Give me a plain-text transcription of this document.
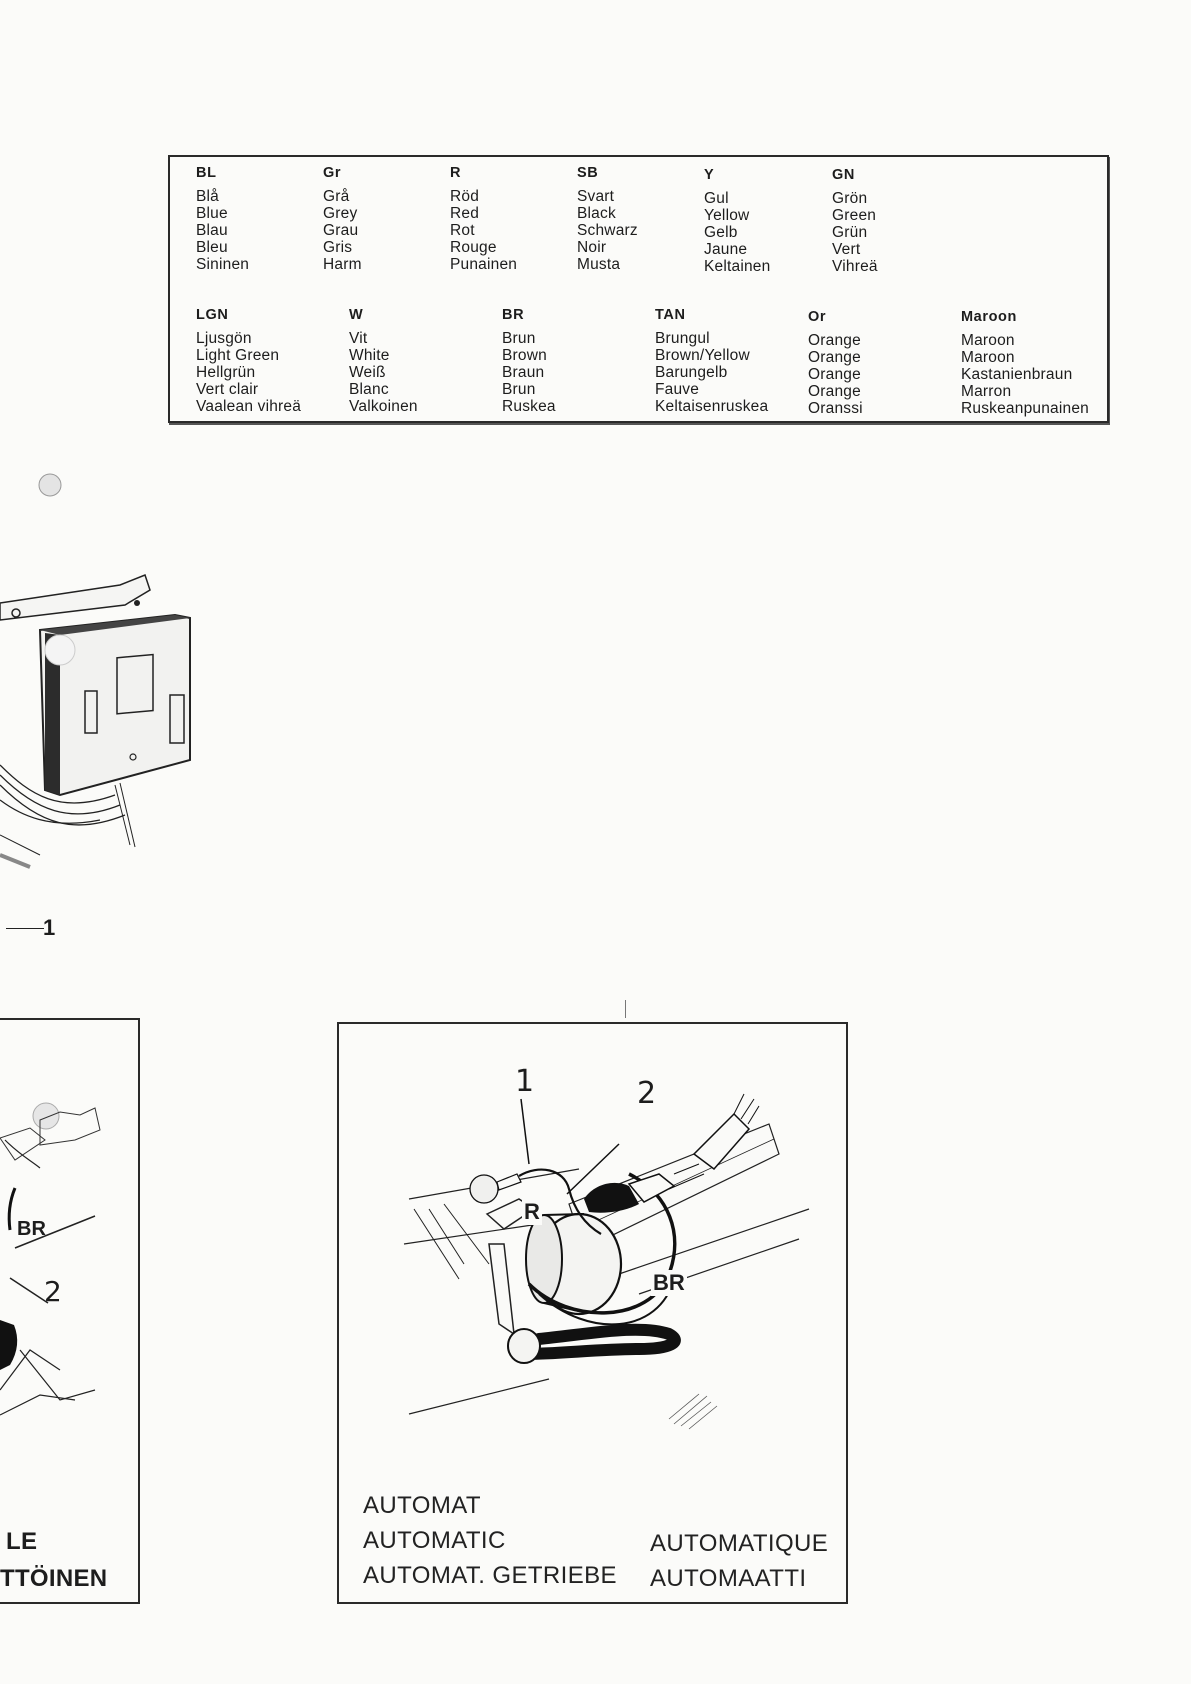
BL
Blå
Blue
Blau
Bleu
Sininen
Gr
Grå
Grey
Grau
Gris
Harm
R
Röd
Red
Rot
Rouge
Punainen
SB
Svart
Black
Schwarz
Noir
Musta
Y
Gul
Yellow
Gelb
Jaune
Keltainen
GN
Grön
Green
Grün
Vert
Vihreä
LGN
Ljusgön
Light Green
Hellgrün
Vert clair
Vaalean vihreä
W
Vit
White
Weiß
Blanc
Valkoinen
BR
Brun
Brown
Braun
Brun
Ruskea
TAN
Brungul
Brown/Yellow
Barungelb
Fauve
Keltaisenruskea
Or
Orange
Orange
Orange
Orange
Oranssi
Maroon
Maroon
Maroon
Kastanienbraun
Marron
Ruskeanpunainen
1
BR
2
LE
TTÖINEN
1	2
R
BR
AUTOMAT
AUTOMATIC
AUTOMAT. GETRIEBE
AUTOMATIQUE
AUTOMAATTI
